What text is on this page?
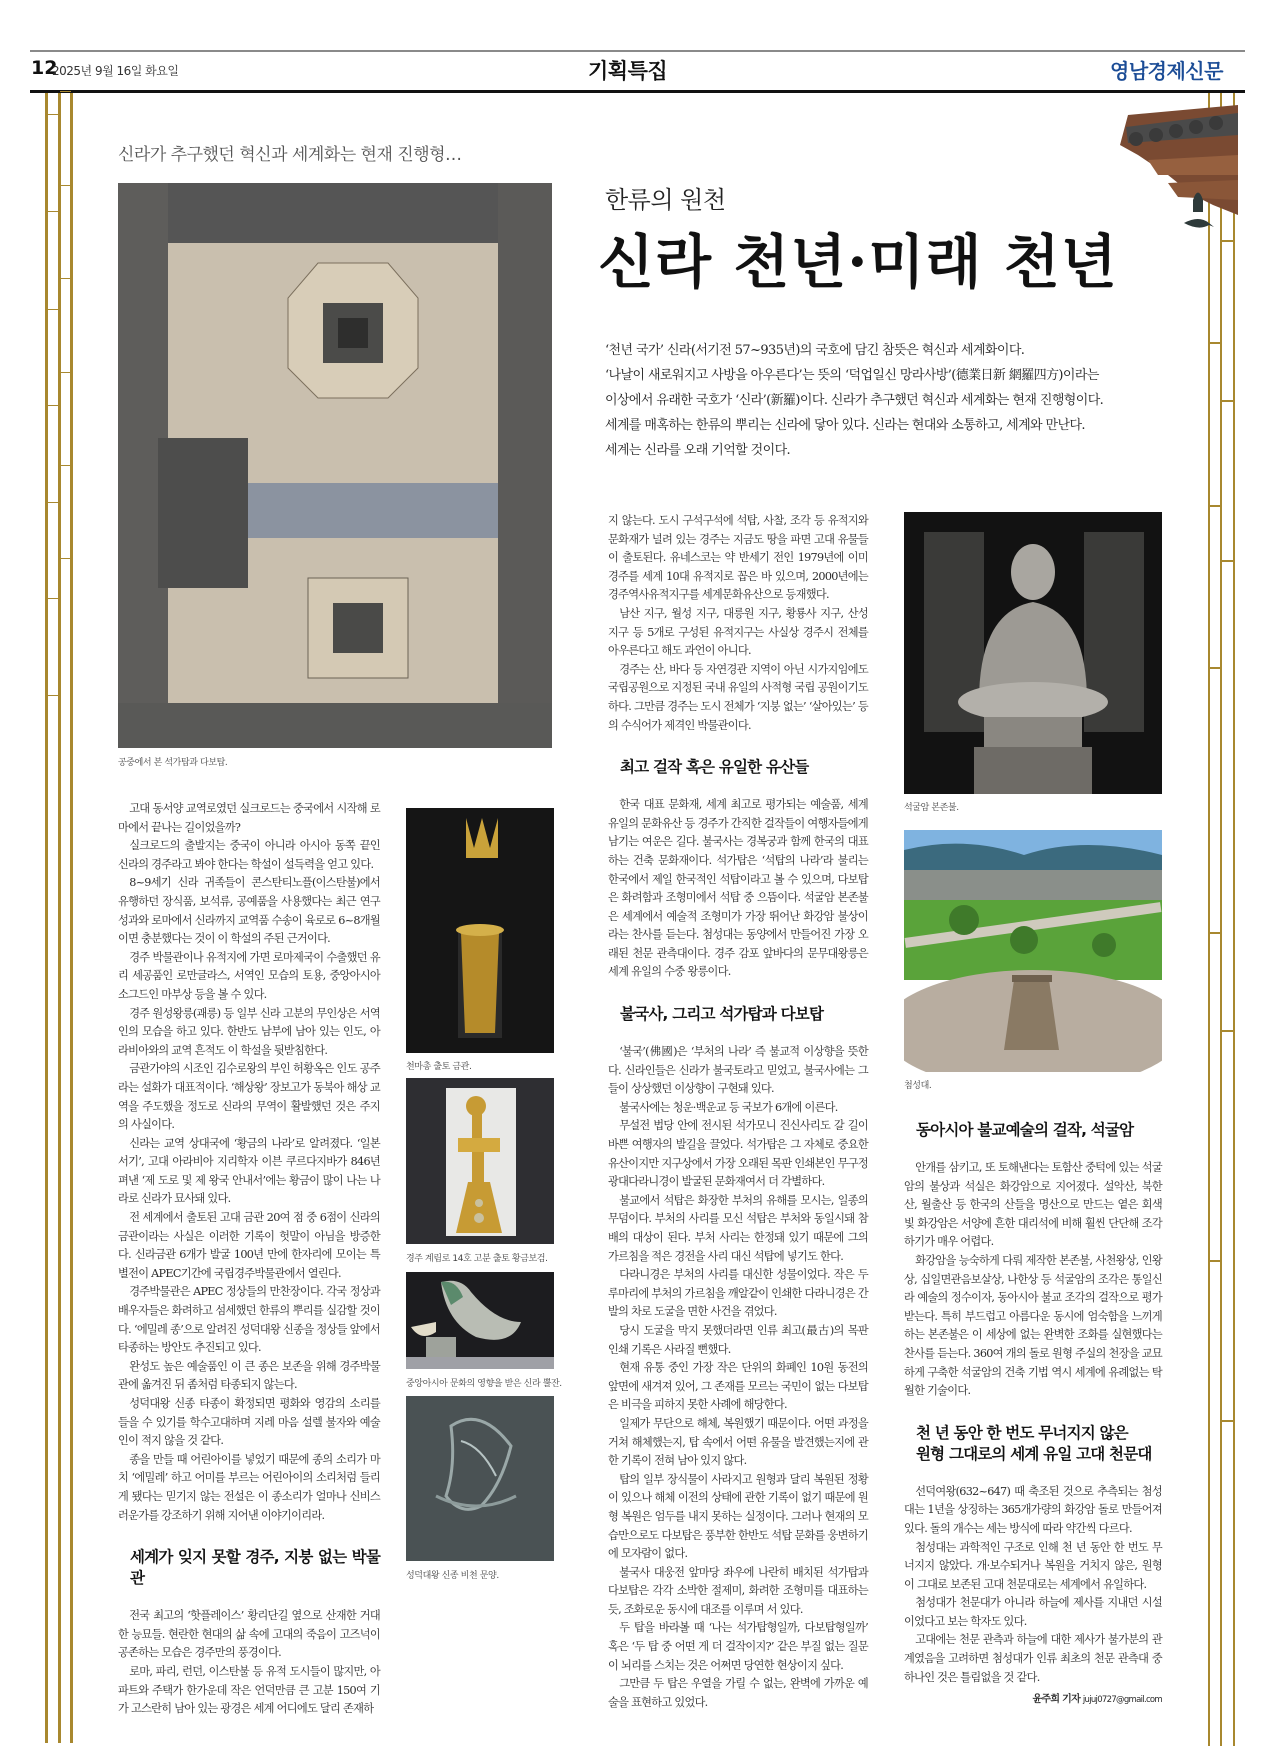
12
2025년 9월 16일 화요일	기획특집	영남경제신문
신라가 추구했던 혁신과 세계화는 현재 진행형…
한류의 원천
신라 천년·미래 천년

‘천년 국가’ 신라(서기전 57~935년)의 국호에 담긴 참뜻은 혁신과 세계화이다.

‘나날이 새로워지고 사방을 아우른다’는 뜻의 ‘덕업일신 망라사방’(德業日新 網羅四方)이라는

이상에서 유래한 국호가 ‘신라’(新羅)이다. 신라가 추구했던 혁신과 세계화는 현재 진행형이다.

세계를 매혹하는 한류의 뿌리는 신라에 닿아 있다. 신라는 현대와 소통하고, 세계와 만난다.

세계는 신라를 오래 기억할 것이다.

공중에서 본 석가탑과 다보탑.

고대 동서양 교역로였던 실크로드는 중국에서 시작해 로마에서 끝나는 길이었을까?

실크로드의 출발지는 중국이 아니라 아시아 동쪽 끝인 신라의 경주라고 봐야 한다는 학설이 설득력을 얻고 있다.

8~9세기 신라 귀족들이 콘스탄티노플(이스탄불)에서 유행하던 장식품, 보석류, 공예품을 사용했다는 최근 연구 성과와 로마에서 신라까지 교역품 수송이 육로로 6~8개월이면 충분했다는 것이 이 학설의 주된 근거이다.

경주 박물관이나 유적지에 가면 로마제국이 수출했던 유리 세공품인 로만글라스, 서역인 모습의 토용, 중앙아시아 소그드인 마부상 등을 볼 수 있다.

경주 원성왕릉(괘릉) 등 일부 신라 고분의 무인상은 서역인의 모습을 하고 있다. 한반도 남부에 남아 있는 인도, 아라비아와의 교역 흔적도 이 학설을 뒷받침한다.

금관가야의 시조인 김수로왕의 부인 허황옥은 인도 공주라는 설화가 대표적이다. ‘해상왕’ 장보고가 동북아 해상 교역을 주도했을 정도로 신라의 무역이 활발했던 것은 주지의 사실이다.

신라는 교역 상대국에 ‘황금의 나라’로 알려졌다. ‘일본서기’, 고대 아라비아 지리학자 이븐 쿠르다지바가 846년 펴낸 ‘제 도로 및 제 왕국 안내서’에는 황금이 많이 나는 나라로 신라가 묘사돼 있다.

전 세계에서 출토된 고대 금관 20여 점 중 6점이 신라의 금관이라는 사실은 이러한 기록이 헛말이 아님을 방증한다. 신라금관 6개가 발굴 100년 만에 한자리에 모이는 특별전이 APEC기간에 국립경주박물관에서 열린다.

경주박물관은 APEC 정상들의 만찬장이다. 각국 정상과 배우자들은 화려하고 섬세했던 한류의 뿌리를 실감할 것이다. ‘에밀레 종’으로 알려진 성덕대왕 신종을 정상들 앞에서 타종하는 방안도 추진되고 있다.

완성도 높은 예술품인 이 큰 종은 보존을 위해 경주박물관에 옮겨진 뒤 좀처럼 타종되지 않는다.

성덕대왕 신종 타종이 확정되면 평화와 영감의 소리를 들을 수 있기를 학수고대하며 지레 마음 설렐 불자와 예술인이 적지 않을 것 같다.

종을 만들 때 어린아이를 넣었기 때문에 종의 소리가 마치 ‘에밀레’ 하고 어미를 부르는 어린아이의 소리처럼 들리게 됐다는 믿기지 않는 전설은 이 종소리가 얼마나 신비스러운가를 강조하기 위해 지어낸 이야기이리라.

세계가 잊지 못할 경주, 지붕 없는 박물관

전국 최고의 ‘핫플레이스’ 황리단길 옆으로 산재한 거대한 능묘들. 현란한 현대의 삶 속에 고대의 죽음이 고즈넉이 공존하는 모습은 경주만의 풍경이다.

로마, 파리, 런던, 이스탄불 등 유적 도시들이 많지만, 아파트와 주택가 한가운데 작은 언덕만큼 큰 고분 150여 기가 고스란히 남아 있는 광경은 세계 어디에도 달리 존재하

천마총 출토 금관.
경주 계림로 14호 고분 출토 황금보검.
중앙아시아 문화의 영향을 받은 신라 뿔잔.
성덕대왕 신종 비천 문양.

지 않는다. 도시 구석구석에 석탑, 사찰, 조각 등 유적지와 문화재가 널려 있는 경주는 지금도 땅을 파면 고대 유물들이 출토된다. 유네스코는 약 반세기 전인 1979년에 이미 경주를 세계 10대 유적지로 꼽은 바 있으며, 2000년에는 경주역사유적지구를 세계문화유산으로 등재했다.

남산 지구, 월성 지구, 대릉원 지구, 황룡사 지구, 산성 지구 등 5개로 구성된 유적지구는 사실상 경주시 전체를 아우른다고 해도 과언이 아니다.

경주는 산, 바다 등 자연경관 지역이 아닌 시가지임에도 국립공원으로 지정된 국내 유일의 사적형 국립 공원이기도 하다. 그만큼 경주는 도시 전체가 ‘지붕 없는’ ‘살아있는’ 등의 수식어가 제격인 박물관이다.

최고 걸작 혹은 유일한 유산들

한국 대표 문화재, 세계 최고로 평가되는 예술품, 세계 유일의 문화유산 등 경주가 간직한 걸작들이 여행자들에게 남기는 여운은 길다. 불국사는 경복궁과 함께 한국의 대표하는 건축 문화재이다. 석가탑은 ‘석탑의 나라’라 불리는 한국에서 제일 한국적인 석탑이라고 볼 수 있으며, 다보탑은 화려함과 조형미에서 석탑 중 으뜸이다. 석굴암 본존불은 세계에서 예술적 조형미가 가장 뛰어난 화강암 불상이라는 찬사를 듣는다. 첨성대는 동양에서 만들어진 가장 오래된 천문 관측대이다. 경주 감포 앞바다의 문무대왕릉은 세계 유일의 수중 왕릉이다.

불국사, 그리고 석가탑과 다보탑

‘불국’(佛國)은 ‘부처의 나라’ 즉 불교적 이상향을 뜻한다. 신라인들은 신라가 불국토라고 믿었고, 불국사에는 그들이 상상했던 이상향이 구현돼 있다.

불국사에는 청운·백운교 등 국보가 6개에 이른다.

무설전 법당 안에 전시된 석가모니 진신사리도 갈 길이 바쁜 여행자의 발길을 끌었다. 석가탑은 그 자체로 중요한 유산이지만 지구상에서 가장 오래된 목판 인쇄본인 무구정광대다라니경이 발굴된 문화재여서 더 각별하다.

불교에서 석탑은 화장한 부처의 유해를 모시는, 일종의 무덤이다. 부처의 사리를 모신 석탑은 부처와 동일시돼 참배의 대상이 된다. 부처 사리는 한정돼 있기 때문에 그의 가르침을 적은 경전을 사리 대신 석탑에 넣기도 한다.

다라니경은 부처의 사리를 대신한 성물이었다. 작은 두루마리에 부처의 가르침을 깨알같이 인쇄한 다라니경은 간발의 차로 도굴을 면한 사건을 겪었다.

당시 도굴을 막지 못했더라면 인류 최고(最古)의 목판 인쇄 기록은 사라질 뻔했다.

현재 유통 중인 가장 작은 단위의 화폐인 10원 동전의 앞면에 새겨져 있어, 그 존재를 모르는 국민이 없는 다보탑은 비극을 피하지 못한 사례에 해당한다.

일제가 무단으로 해체, 복원했기 때문이다. 어떤 과정을 거쳐 해체했는지, 탑 속에서 어떤 유물을 발견했는지에 관한 기록이 전혀 남아 있지 않다.

탑의 일부 장식물이 사라지고 원형과 달리 복원된 정황이 있으나 해체 이전의 상태에 관한 기록이 없기 때문에 원형 복원은 엄두를 내지 못하는 실정이다. 그러나 현재의 모습만으로도 다보탑은 풍부한 한반도 석탑 문화를 웅변하기에 모자람이 없다.

불국사 대웅전 앞마당 좌우에 나란히 배치된 석가탑과 다보탑은 각각 소박한 절제미, 화려한 조형미를 대표하는 듯, 조화로운 동시에 대조를 이루며 서 있다.

두 탑을 바라볼 때 ‘나는 석가탑형일까, 다보탑형일까’ 혹은 ‘두 탑 중 어떤 게 더 걸작이지?’ 같은 부질 없는 질문이 뇌리를 스치는 것은 어쩌면 당연한 현상이지 싶다.

그만큼 두 탑은 우열을 가릴 수 없는, 완벽에 가까운 예술을 표현하고 있었다.

석굴암 본존불.
첨성대.
동아시아 불교예술의 걸작, 석굴암

안개를 삼키고, 또 토해낸다는 토함산 중턱에 있는 석굴암의 불상과 석실은 화강암으로 지어졌다. 설악산, 북한산, 월출산 등 한국의 산들을 명산으로 만드는 옅은 회색빛 화강암은 서양에 흔한 대리석에 비해 훨씬 단단해 조각하기가 매우 어렵다.

화강암을 능숙하게 다뤄 제작한 본존불, 사천왕상, 인왕상, 십일면관음보살상, 나한상 등 석굴암의 조각은 통일신라 예술의 정수이자, 동아시아 불교 조각의 걸작으로 평가받는다. 특히 부드럽고 아름다운 동시에 엄숙함을 느끼게 하는 본존불은 이 세상에 없는 완벽한 조화를 실현했다는 찬사를 듣는다. 360여 개의 돌로 원형 주실의 천장을 교묘하게 구축한 석굴암의 건축 기법 역시 세계에 유례없는 탁월한 기술이다.

천 년 동안 한 번도 무너지지 않은
원형 그대로의 세계 유일 고대 천문대

선덕여왕(632~647) 때 축조된 것으로 추측되는 첨성대는 1년을 상징하는 365개가량의 화강암 돌로 만들어져 있다. 돌의 개수는 세는 방식에 따라 약간씩 다르다.

첨성대는 과학적인 구조로 인해 천 년 동안 한 번도 무너지지 않았다. 개·보수되거나 복원을 거치지 않은, 원형이 그대로 보존된 고대 천문대로는 세계에서 유일하다.

첨성대가 천문대가 아니라 하늘에 제사를 지내던 시설이었다고 보는 학자도 있다.

고대에는 천문 관측과 하늘에 대한 제사가 불가분의 관계였음을 고려하면 첨성대가 인류 최초의 천문 관측대 중 하나인 것은 틀림없을 것 같다.

윤주희 기자 jujuj0727@gmail.com
